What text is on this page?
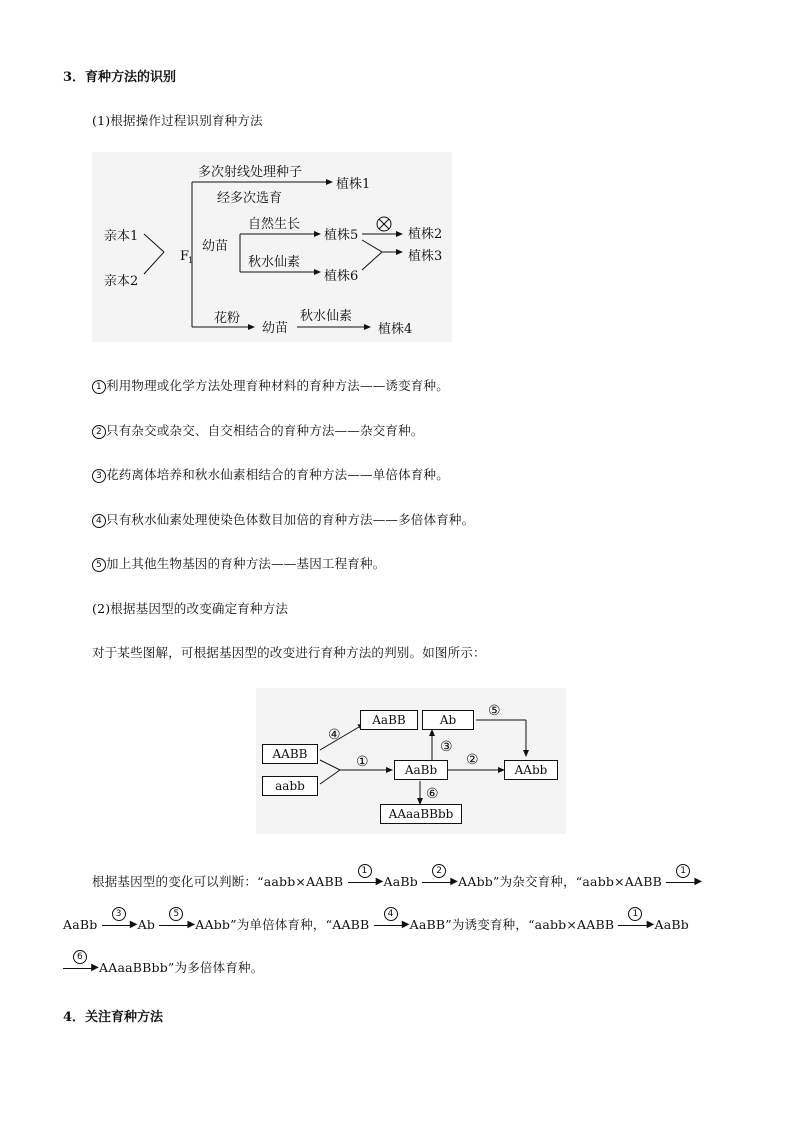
3．育种方法的识别
(1)根据操作过程识别育种方法
亲本1
亲本2
F
1
多次射线处理种子
经多次选育
植株1
幼苗
自然生长
植株5
秋水仙素
植株6
植株2
植株3
花粉
幼苗
秋水仙素
植株4
1 利用物理或化学方法处理育种材料的育种方法——诱变育种。
2 只有杂交或杂交、自交相结合的育种方法——杂交育种。
3 花药离体培养和秋水仙素相结合的育种方法——单倍体育种。
4 只有秋水仙素处理使染色体数目加倍的育种方法——多倍体育种。
5 加上其他生物基因的育种方法——基因工程育种。
(2)根据基因型的改变确定育种方法
对于某些图解，可根据基因型的改变进行育种方法的判别。如图所示：
④
①
③
⑤
②
⑥
AABB
aabb
AaBB	Ab
AaBb	AAbb
AAaaBBbb
根据基因型的变化可以判断：“aabb×AABB
1
▶ AaBb
2
▶ AAbb”为杂交育种，“aabb×AABB
1
▶
AaBb
3
▶ Ab
5
▶ AAbb”为单倍体育种，“AABB
4
▶ AaBB”为诱变育种，“aabb×AABB
1
▶ AaBb
6
▶ AAaaBBbb”为多倍体育种。
4．关注育种方法
